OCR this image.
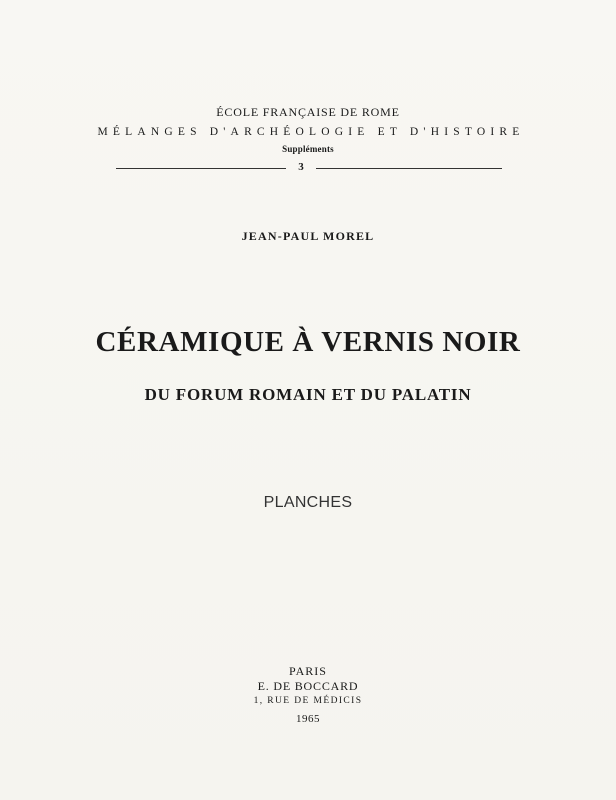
ÉCOLE FRANÇAISE DE ROME
MÉLANGES D'ARCHÉOLOGIE ET D'HISTOIRE
Suppléments
3
JEAN-PAUL MOREL
CÉRAMIQUE À VERNIS NOIR
DU FORUM ROMAIN ET DU PALATIN
PLANCHES
PARIS
E. DE BOCCARD
1, RUE DE MÉDICIS
1965
